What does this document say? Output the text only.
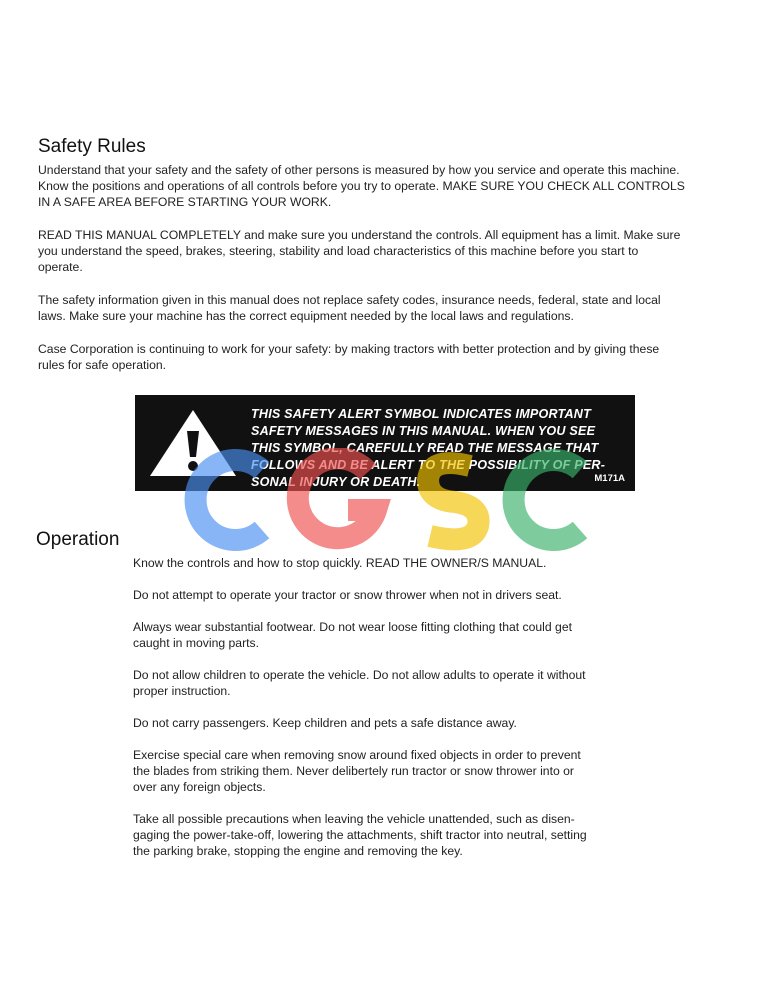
Safety Rules
Understand that your safety and the safety of other persons is measured by how you service and operate this machine.
Know the positions and operations of all controls before you try to operate. MAKE SURE YOU CHECK ALL CONTROLS
IN A SAFE AREA BEFORE STARTING YOUR WORK.
READ THIS MANUAL COMPLETELY and make sure you understand the controls. All equipment has a limit. Make sure
you understand the speed, brakes, steering, stability and load characteristics of this machine before you start to
operate.
The safety information given in this manual does not replace safety codes, insurance needs, federal, state and local
laws. Make sure your machine has the correct equipment needed by the local laws and regulations.
Case Corporation is continuing to work for your safety: by making tractors with better protection and by giving these
rules for safe operation.
THIS SAFETY ALERT SYMBOL INDICATES IMPORTANT
SAFETY MESSAGES IN THIS MANUAL. WHEN YOU SEE
THIS SYMBOL, CAREFULLY READ THE MESSAGE THAT
FOLLOWS AND BE ALERT TO THE POSSIBILITY OF PER-
SONAL INJURY OR DEATH.	M171A
Operation
Know the controls and how to stop quickly. READ THE OWNER/S MANUAL.
Do not attempt to operate your tractor or snow thrower when not in drivers seat.
Always wear substantial footwear. Do not wear loose fitting clothing that could get
caught in moving parts.
Do not allow children to operate the vehicle. Do not allow adults to operate it without
proper instruction.
Do not carry passengers. Keep children and pets a safe distance away.
Exercise special care when removing snow around fixed objects in order to prevent
the blades from striking them. Never delibertely run tractor or snow thrower into or
over any foreign objects.
Take all possible precautions when leaving the vehicle unattended, such as disen-
gaging the power-take-off, lowering the attachments, shift tractor into neutral, setting
the parking brake, stopping the engine and removing the key.
